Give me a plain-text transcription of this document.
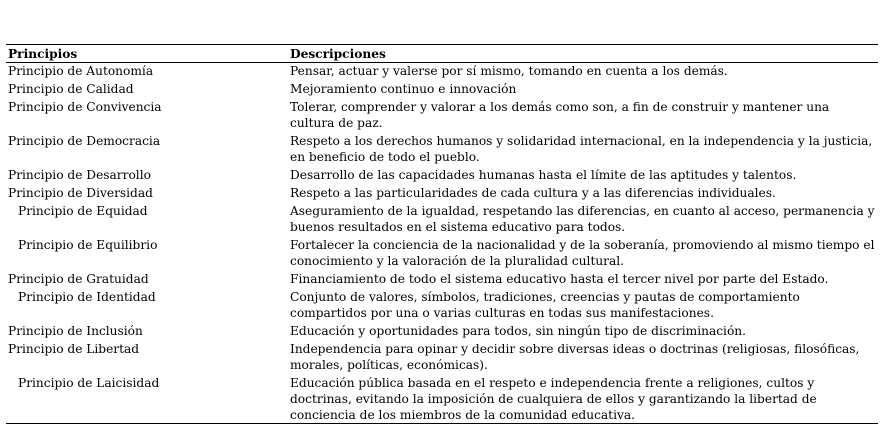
Principios	Descripciones
Principio de Autonomía	Pensar, actuar y valerse por sí mismo, tomando en cuenta a los demás.
Principio de Calidad	Mejoramiento continuo e innovación
Principio de Convivencia	Tolerar, comprender y valorar a los demás como son, a fin de construir y mantener una cultura de paz.
Principio de Democracia	Respeto a los derechos humanos y solidaridad internacional, en la independencia y la justicia, en beneficio de todo el pueblo.
Principio de Desarrollo	Desarrollo de las capacidades humanas hasta el límite de las aptitudes y talentos.
Principio de Diversidad	Respeto a las particularidades de cada cultura y a las diferencias individuales.
Principio de Equidad	Aseguramiento de la igualdad, respetando las diferencias, en cuanto al acceso, permanencia y buenos resultados en el sistema educativo para todos.
Principio de Equilibrio	Fortalecer la conciencia de la nacionalidad y de la soberanía, promoviendo al mismo tiempo el conocimiento y la valoración de la pluralidad cultural.
Principio de Gratuidad	Financiamiento de todo el sistema educativo hasta el tercer nivel por parte del Estado.
Principio de Identidad	Conjunto de valores, símbolos, tradiciones, creencias y pautas de comportamiento compartidos por una o varias culturas en todas sus manifestaciones.
Principio de Inclusión	Educación y oportunidades para todos, sin ningún tipo de discriminación.
Principio de Libertad	Independencia para opinar y decidir sobre diversas ideas o doctrinas (religiosas, filosóficas, morales, políticas, económicas).
Principio de Laicisidad	Educación pública basada en el respeto e independencia frente a religiones, cultos y doctrinas, evitando la imposición de cualquiera de ellos y garantizando la libertad de conciencia de los miembros de la comunidad educativa.
